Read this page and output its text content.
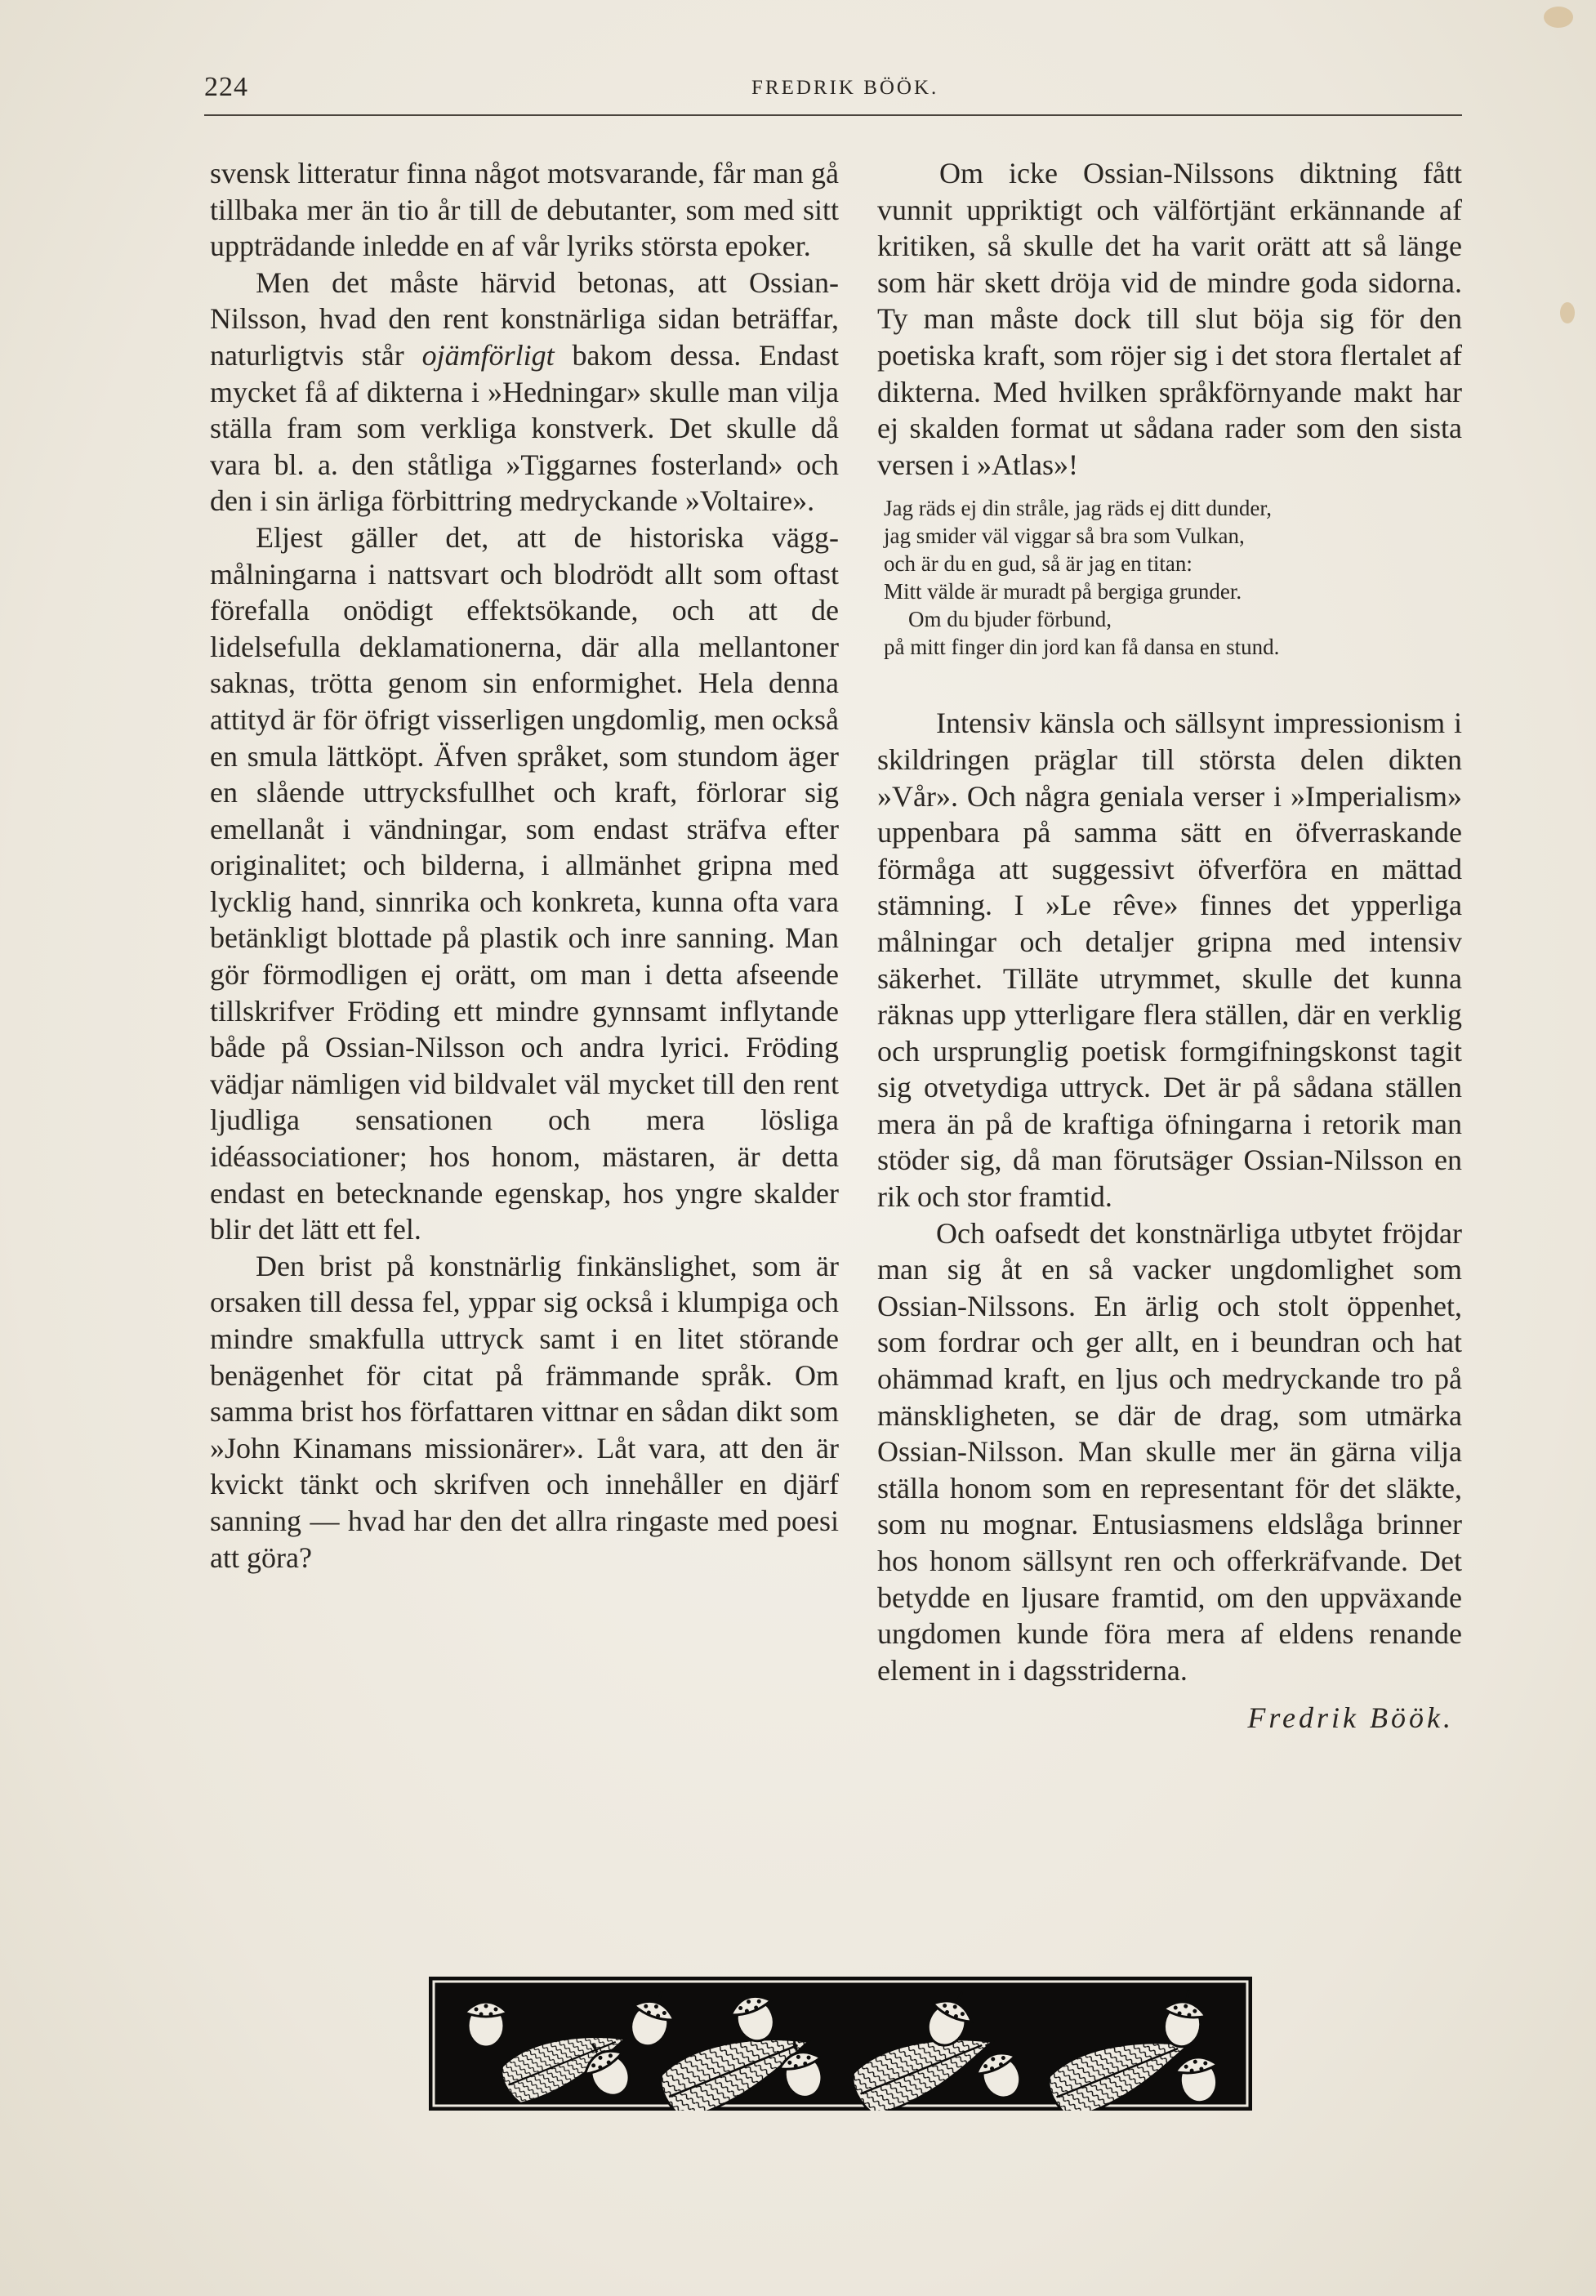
224	FREDRIK BÖÖK.

svensk litteratur finna något motsvarande, får man gå tillbaka mer än tio år till de debutanter, som med sitt uppträdande inledde en af vår lyriks största epoker.

Men det måste härvid betonas, att Ossian-Nilsson, hvad den rent konstnärliga sidan beträffar, naturligtvis står ojämförligt bakom dessa. Endast mycket få af dikterna i »Hedningar» skulle man vilja ställa fram som verkliga konstverk. Det skulle då vara bl. a. den ståtliga »Tiggarnes fosterland» och den i sin ärliga förbittring medryckande »Voltaire».

Eljest gäller det, att de historiska väggmålningarna i nattsvart och blodrödt allt som oftast förefalla onödigt effektsökande, och att de lidelsefulla deklamationerna, där alla mellantoner saknas, trötta genom sin enformighet. Hela denna attityd är för öfrigt visserligen ungdomlig, men också en smula lättköpt. Äfven språket, som stundom äger en slående uttrycksfullhet och kraft, förlorar sig emellanåt i vändningar, som endast sträfva efter originalitet; och bilderna, i allmänhet gripna med lycklig hand, sinnrika och konkreta, kunna ofta vara betänkligt blottade på plastik och inre sanning. Man gör förmodligen ej orätt, om man i detta afseende tillskrifver Fröding ett mindre gynnsamt inflytande både på Ossian-Nilsson och andra lyrici. Fröding vädjar nämligen vid bildvalet väl mycket till den rent ljudliga sensationen och mera lösliga idéassociationer; hos honom, mästaren, är detta endast en betecknande egenskap, hos yngre skalder blir det lätt ett fel.

Den brist på konstnärlig finkänslighet, som är orsaken till dessa fel, yppar sig också i klumpiga och mindre smakfulla uttryck samt i en litet störande benägenhet för citat på främmande språk. Om samma brist hos författaren vittnar en sådan dikt som »John Kinamans missionärer». Låt vara, att den är kvickt tänkt och skrifven och innehåller en djärf sanning — hvad har den det allra ringaste med poesi att göra?

Om icke Ossian-Nilssons diktning fått vunnit uppriktigt och välförtjänt erkännande af kritiken, så skulle det ha varit orätt att så länge som här skett dröja vid de mindre goda sidorna. Ty man måste dock till slut böja sig för den poetiska kraft, som röjer sig i det stora flertalet af dikterna. Med hvilken språkförnyande makt har ej skalden format ut sådana rader som den sista versen i »Atlas»!

Jag räds ej din stråle, jag räds ej ditt dunder,
jag smider väl viggar så bra som Vulkan,
och är du en gud, så är jag en titan:
Mitt välde är muradt på bergiga grunder.
Om du bjuder förbund,
på mitt finger din jord kan få dansa en stund.

Intensiv känsla och sällsynt impressionism i skildringen präglar till största delen dikten »Vår». Och några geniala verser i »Imperialism» uppenbara på samma sätt en öfverraskande förmåga att suggessivt öfverföra en mättad stämning. I »Le rêve» finnes det ypperliga målningar och detaljer gripna med intensiv säkerhet. Tilläte utrymmet, skulle det kunna räknas upp ytterligare flera ställen, där en verklig och ursprunglig poetisk formgifningskonst tagit sig otvetydiga uttryck. Det är på sådana ställen mera än på de kraftiga öfningarna i retorik man stöder sig, då man förutsäger Ossian-Nilsson en rik och stor framtid.

Och oafsedt det konstnärliga utbytet fröjdar man sig åt en så vacker ungdomlighet som Ossian-Nilssons. En ärlig och stolt öppenhet, som fordrar och ger allt, en i beundran och hat ohämmad kraft, en ljus och medryckande tro på mänskligheten, se där de drag, som utmärka Ossian-Nilsson. Man skulle mer än gärna vilja ställa honom som en representant för det släkte, som nu mognar. Entusiasmens eldslåga brinner hos honom sällsynt ren och offerkräfvande. Det betydde en ljusare framtid, om den uppväxande ungdomen kunde föra mera af eldens renande element in i dagsstriderna.

Fredrik Böök.
